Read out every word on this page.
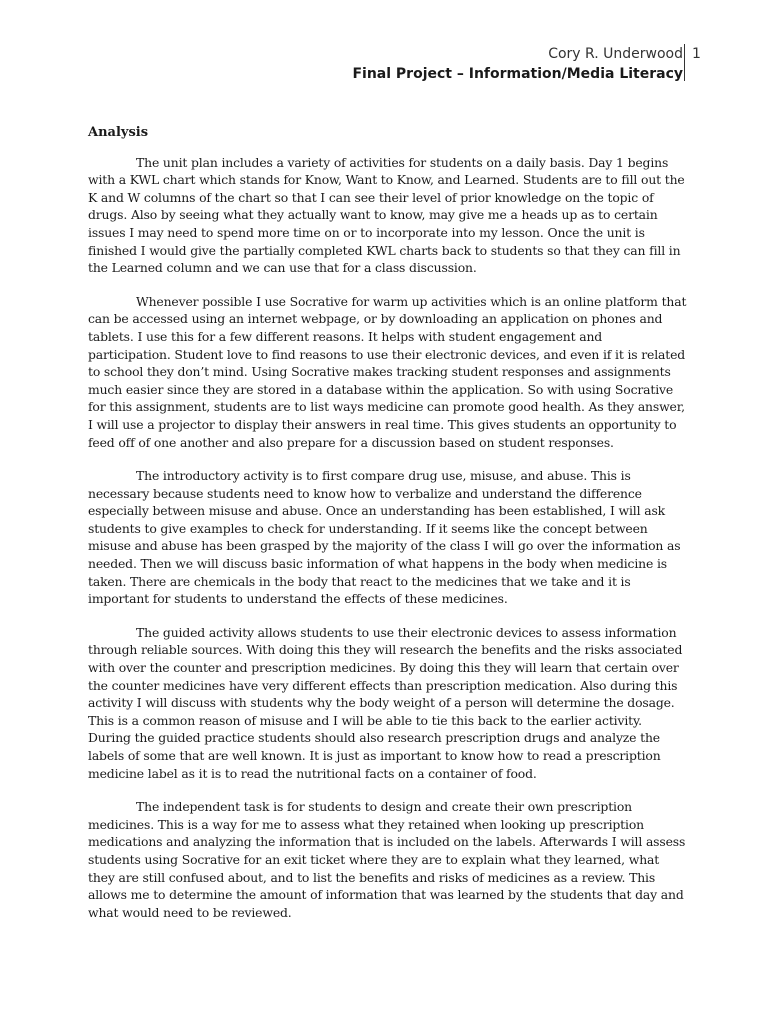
Cory R. Underwood
Final Project – Information/Media Literacy
1
Analysis

The unit plan includes a variety of activities for students on a daily basis. Day 1 begins with a KWL chart which stands for Know, Want to Know, and Learned. Students are to fill out the K and W columns of the chart so that I can see their level of prior knowledge on the topic of drugs. Also by seeing what they actually want to know, may give me a heads up as to certain issues I may need to spend more time on or to incorporate into my lesson. Once the unit is finished I would give the partially completed KWL charts back to students so that they can fill in the Learned column and we can use that for a class discussion.

Whenever possible I use Socrative for warm up activities which is an online platform that can be accessed using an internet webpage, or by downloading an application on phones and tablets. I use this for a few different reasons. It helps with student engagement and participation. Student love to find reasons to use their electronic devices, and even if it is related to school they don’t mind. Using Socrative makes tracking student responses and assignments much easier since they are stored in a database within the application. So with using Socrative for this assignment, students are to list ways medicine can promote good health. As they answer, I will use a projector to display their answers in real time. This gives students an opportunity to feed off of one another and also prepare for a discussion based on student responses.

The introductory activity is to first compare drug use, misuse, and abuse. This is necessary because students need to know how to verbalize and understand the difference especially between misuse and abuse. Once an understanding has been established, I will ask students to give examples to check for understanding. If it seems like the concept between misuse and abuse has been grasped by the majority of the class I will go over the information as needed. Then we will discuss basic information of what happens in the body when medicine is taken. There are chemicals in the body that react to the medicines that we take and it is important for students to understand the effects of these medicines.

The guided activity allows students to use their electronic devices to assess information through reliable sources. With doing this they will research the benefits and the risks associated with over the counter and prescription medicines. By doing this they will learn that certain over the counter medicines have very different effects than prescription medication. Also during this activity I will discuss with students why the body weight of a person will determine the dosage. This is a common reason of misuse and I will be able to tie this back to the earlier activity. During the guided practice students should also research prescription drugs and analyze the labels of some that are well known. It is just as important to know how to read a prescription medicine label as it is to read the nutritional facts on a container of food.

The independent task is for students to design and create their own prescription medicines. This is a way for me to assess what they retained when looking up prescription medications and analyzing the information that is included on the labels. Afterwards I will assess students using Socrative for an exit ticket where they are to explain what they learned, what they are still confused about, and to list the benefits and risks of medicines as a review. This allows me to determine the amount of information that was learned by the students that day and what would need to be reviewed.
